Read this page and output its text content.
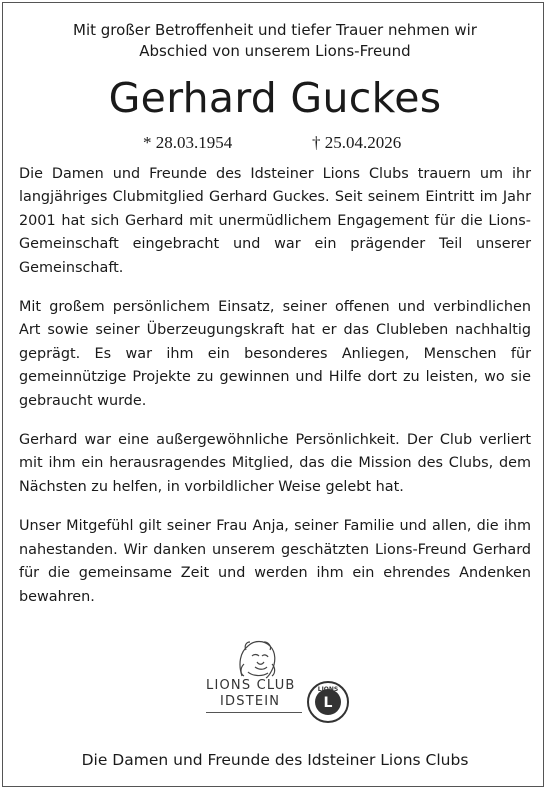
Mit großer Betroffenheit und tiefer Trauer nehmen wir
Abschied von unserem Lions-Freund
Gerhard Guckes
* 28.03.1954	† 25.04.2026

Die Damen und Freunde des Idsteiner Lions Clubs trauern um ihr langjähriges Clubmitglied Gerhard Guckes. Seit seinem Eintritt im Jahr 2001 hat sich Gerhard mit unermüdlichem Engagement für die Lions-Gemeinschaft eingebracht und war ein prägender Teil unserer Gemeinschaft.

Mit großem persönlichem Einsatz, seiner offenen und verbindlichen Art sowie seiner Überzeugungskraft hat er das Clubleben nachhaltig geprägt. Es war ihm ein besonderes Anliegen, Menschen für gemeinnützige Projekte zu gewinnen und Hilfe dort zu leisten, wo sie gebraucht wurde.

Gerhard war eine außergewöhnliche Persönlichkeit. Der Club verliert mit ihm ein herausragendes Mitglied, das die Mission des Clubs, dem Nächsten zu helfen, in vorbildlicher Weise gelebt hat.

Unser Mitgefühl gilt seiner Frau Anja, seiner Familie und allen, die ihm nahestanden. Wir danken unserem geschätzten Lions-Freund Gerhard für die gemeinsame Zeit und werden ihm ein ehrendes Andenken bewahren.

LIONS CLUB
IDSTEIN
LIONS
L
Die Damen und Freunde des Idsteiner Lions Clubs
